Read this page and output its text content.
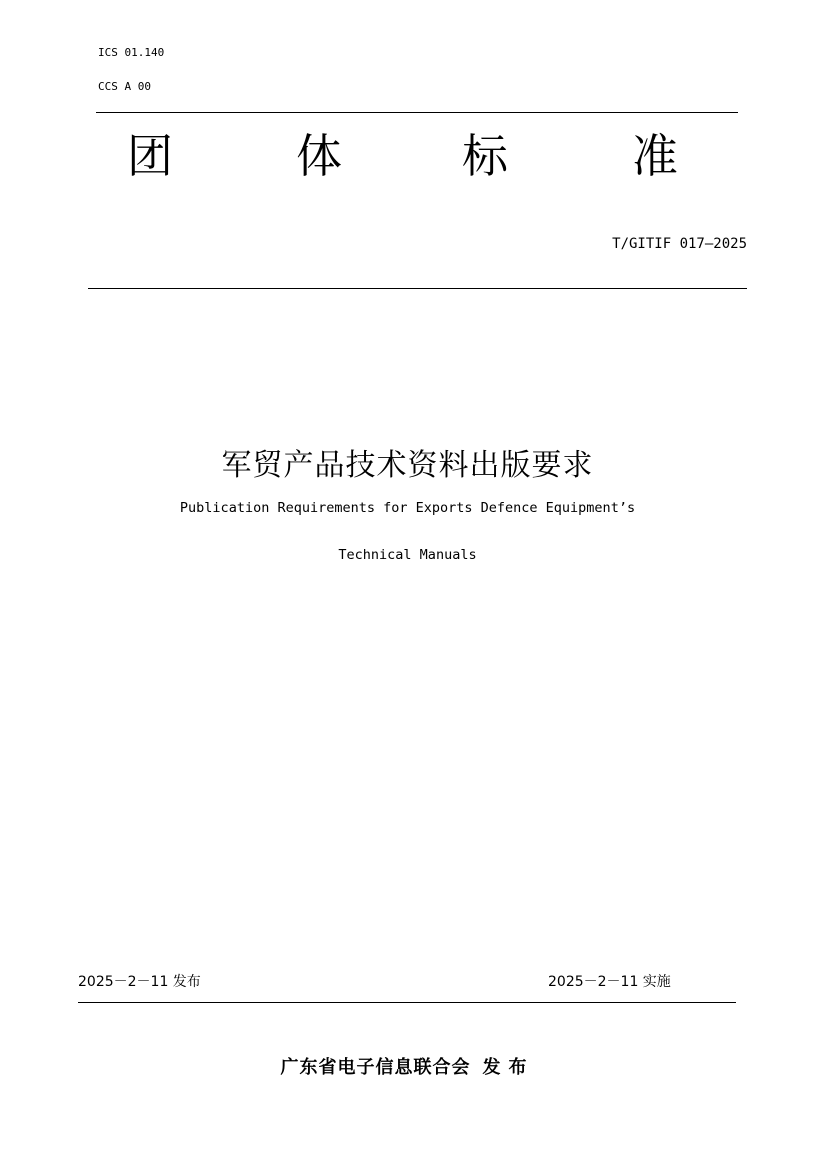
ICS 01.140
CCS A 00
团	体	标	准
T/GITIF 017—2025
军贸产品技术资料出版要求
Publication Requirements for Exports Defence Equipment’s
Technical Manuals
2025－2－11 发布	2025－2－11 实施
广东省电子信息联合会 发布
